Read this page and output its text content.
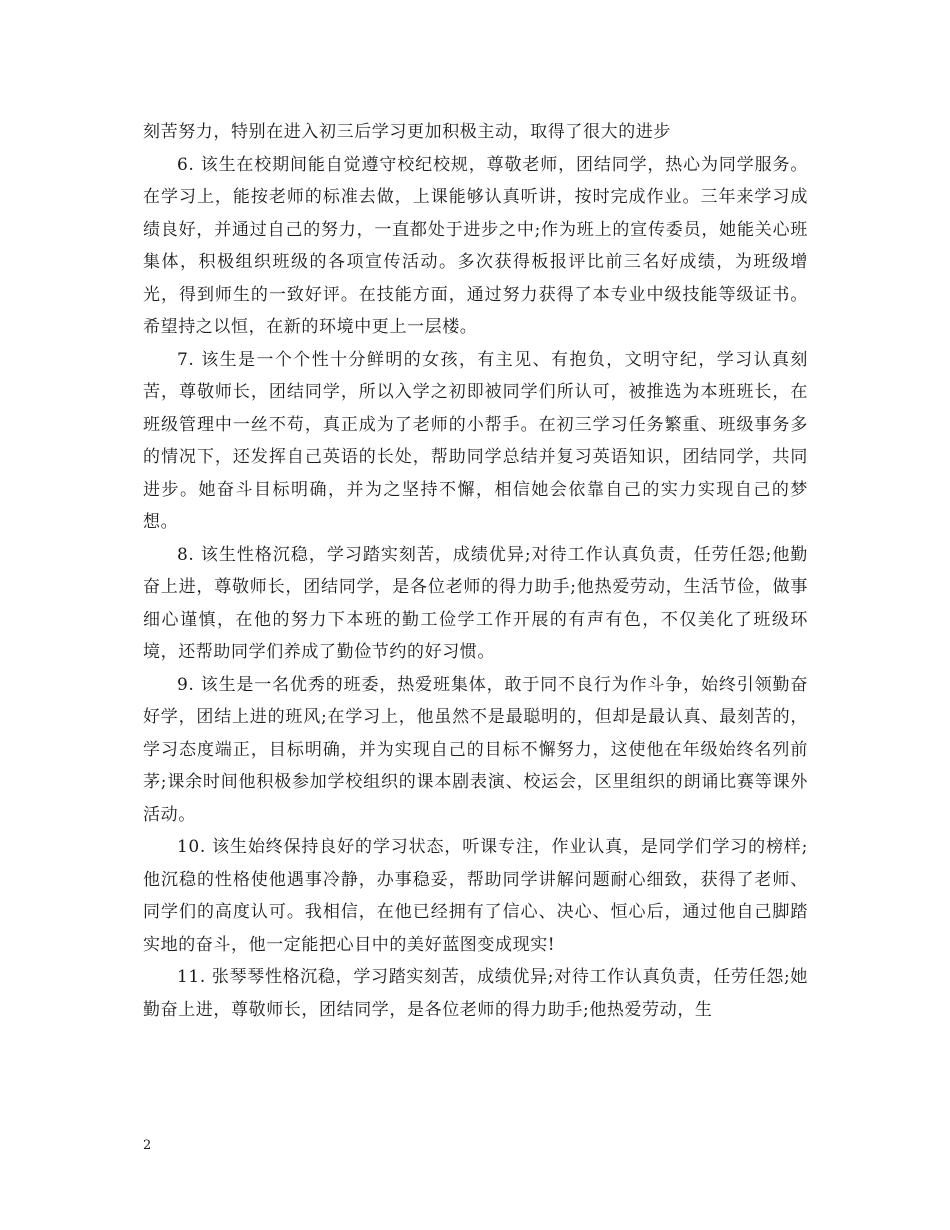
刻苦努力，特别在进入初三后学习更加积极主动，取得了很大的进步

6. 该生在校期间能自觉遵守校纪校规，尊敬老师，团结同学，热心为同学服务。在学习上，能按老师的标准去做，上课能够认真听讲，按时完成作业。三年来学习成绩良好，并通过自己的努力，一直都处于进步之中;作为班上的宣传委员，她能关心班集体，积极组织班级的各项宣传活动。多次获得板报评比前三名好成绩，为班级增光，得到师生的一致好评。在技能方面，通过努力获得了本专业中级技能等级证书。希望持之以恒，在新的环境中更上一层楼。

7. 该生是一个个性十分鲜明的女孩，有主见、有抱负，文明守纪，学习认真刻苦，尊敬师长，团结同学，所以入学之初即被同学们所认可，被推选为本班班长，在班级管理中一丝不苟，真正成为了老师的小帮手。在初三学习任务繁重、班级事务多的情况下，还发挥自己英语的长处，帮助同学总结并复习英语知识，团结同学，共同进步。她奋斗目标明确，并为之坚持不懈，相信她会依靠自己的实力实现自己的梦想。

8. 该生性格沉稳，学习踏实刻苦，成绩优异;对待工作认真负责，任劳任怨;他勤奋上进，尊敬师长，团结同学，是各位老师的得力助手;他热爱劳动，生活节俭，做事细心谨慎，在他的努力下本班的勤工俭学工作开展的有声有色，不仅美化了班级环境，还帮助同学们养成了勤俭节约的好习惯。

9. 该生是一名优秀的班委，热爱班集体，敢于同不良行为作斗争，始终引领勤奋好学，团结上进的班风;在学习上，他虽然不是最聪明的，但却是最认真、最刻苦的，学习态度端正，目标明确，并为实现自己的目标不懈努力，这使他在年级始终名列前茅;课余时间他积极参加学校组织的课本剧表演、校运会，区里组织的朗诵比赛等课外活动。

10. 该生始终保持良好的学习状态，听课专注，作业认真，是同学们学习的榜样;他沉稳的性格使他遇事冷静，办事稳妥，帮助同学讲解问题耐心细致，获得了老师、同学们的高度认可。我相信，在他已经拥有了信心、决心、恒心后，通过他自己脚踏实地的奋斗，他一定能把心目中的美好蓝图变成现实!

11. 张琴琴性格沉稳，学习踏实刻苦，成绩优异;对待工作认真负责，任劳任怨;她勤奋上进，尊敬师长，团结同学，是各位老师的得力助手;他热爱劳动，生

2
